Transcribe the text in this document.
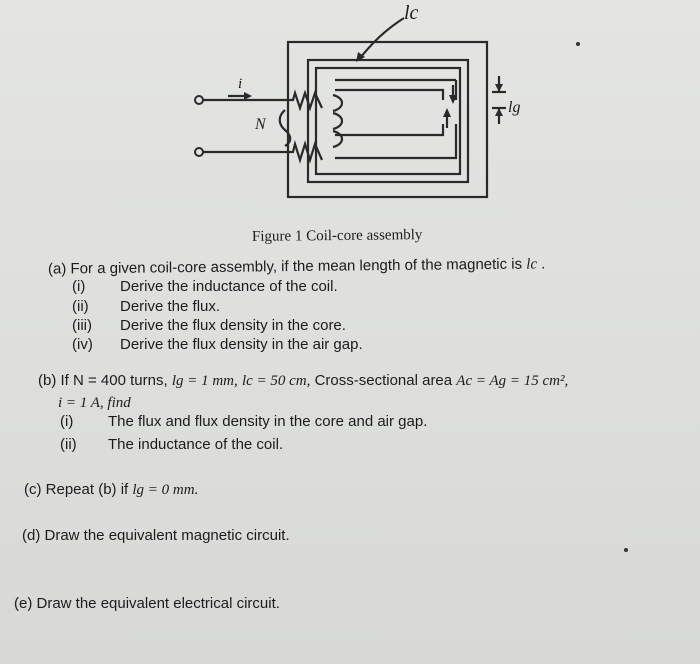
lc
i
N
lg
Figure 1 Coil-core assembly
(a) For a given coil-core assembly, if the mean length of the magnetic is lc .
(i) Derive the inductance of the coil.
(ii) Derive the flux.
(iii) Derive the flux density in the core.
(iv) Derive the flux density in the air gap.
(b) If N = 400 turns, lg = 1 mm, lc = 50 cm, Cross-sectional area Ac = Ag = 15 cm²,
i = 1 A, find
(i) The flux and flux density in the core and air gap.
(ii) The inductance of the coil.
(c) Repeat (b) if lg = 0 mm.
(d) Draw the equivalent magnetic circuit.
(e) Draw the equivalent electrical circuit.
